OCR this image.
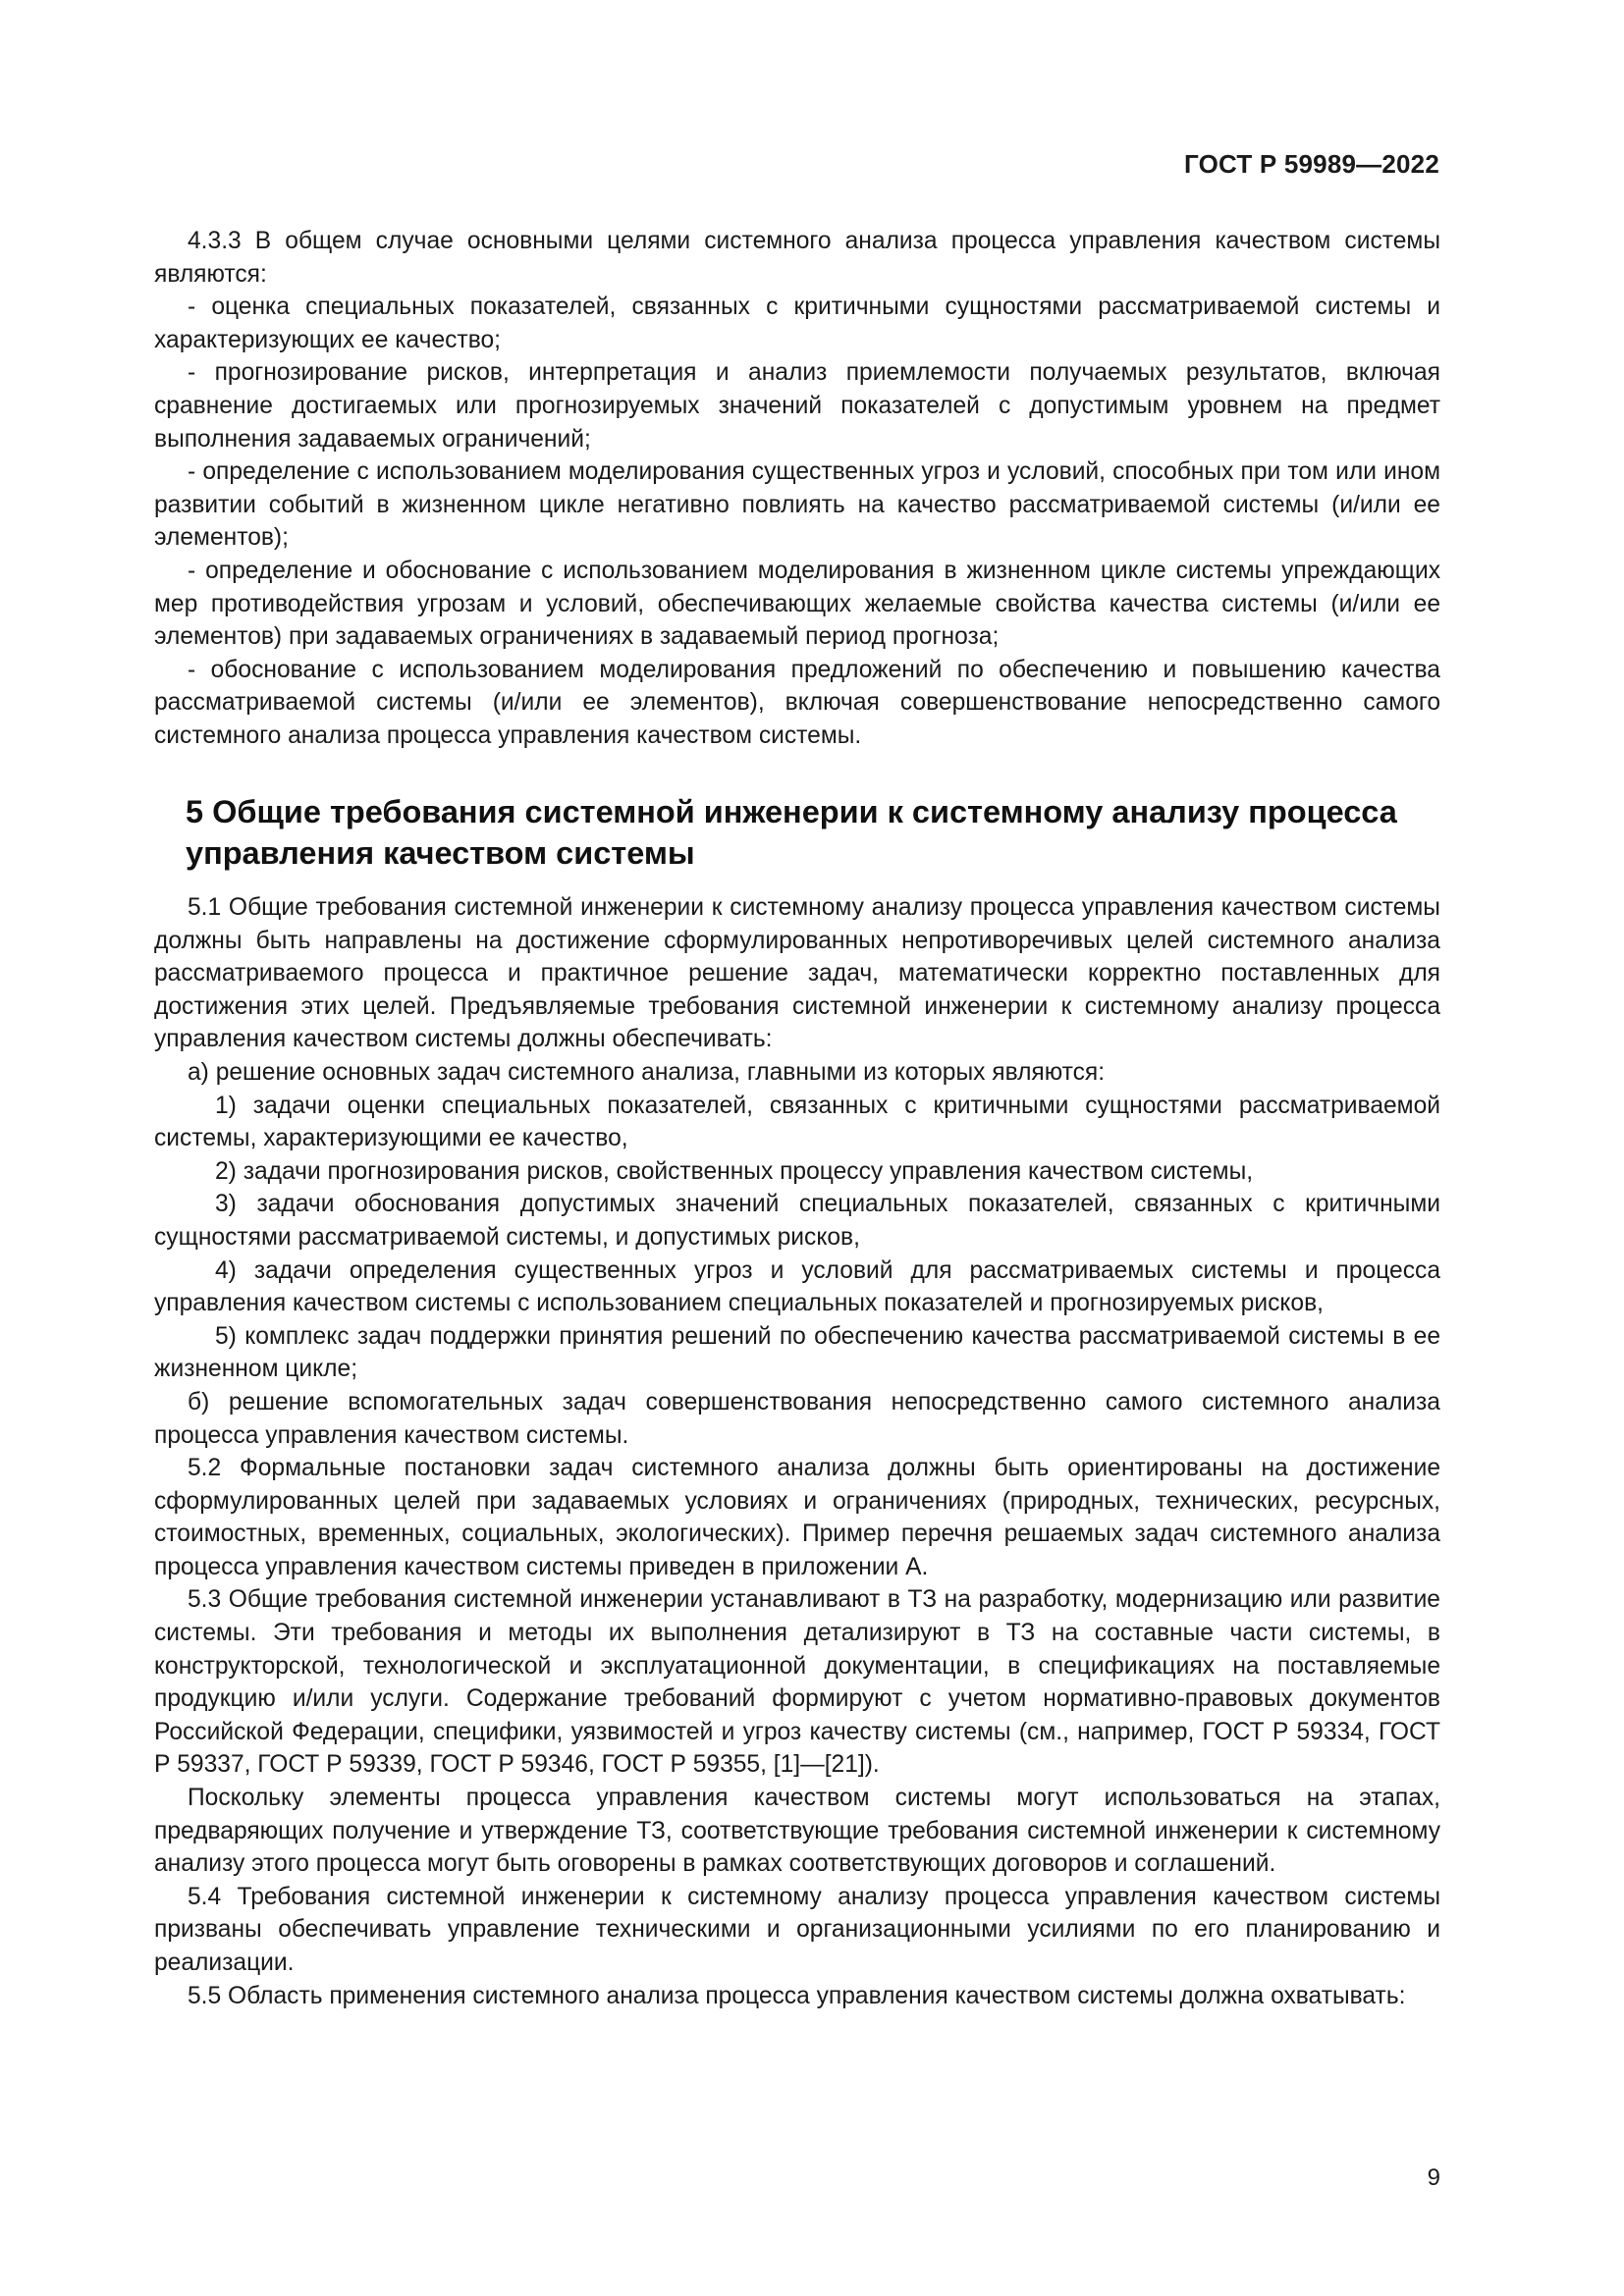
ГОСТ Р 59989—2022

4.3.3 В общем случае основными целями системного анализа процесса управления качеством системы являются:

- оценка специальных показателей, связанных с критичными сущностями рассматриваемой системы и характеризующих ее качество;

- прогнозирование рисков, интерпретация и анализ приемлемости получаемых результатов, включая сравнение достигаемых или прогнозируемых значений показателей с допустимым уровнем на предмет выполнения задаваемых ограничений;

- определение с использованием моделирования существенных угроз и условий, способных при том или ином развитии событий в жизненном цикле негативно повлиять на качество рассматриваемой системы (и/или ее элементов);

- определение и обоснование с использованием моделирования в жизненном цикле системы упреждающих мер противодействия угрозам и условий, обеспечивающих желаемые свойства качества системы (и/или ее элементов) при задаваемых ограничениях в задаваемый период прогноза;

- обоснование с использованием моделирования предложений по обеспечению и повышению качества рассматриваемой системы (и/или ее элементов), включая совершенствование непосредственно самого системного анализа процесса управления качеством системы.

5 Общие требования системной инженерии к системному анализу процесса управления качеством системы

5.1 Общие требования системной инженерии к системному анализу процесса управления качеством системы должны быть направлены на достижение сформулированных непротиворечивых целей системного анализа рассматриваемого процесса и практичное решение задач, математически корректно поставленных для достижения этих целей. Предъявляемые требования системной инженерии к системному анализу процесса управления качеством системы должны обеспечивать:

а) решение основных задач системного анализа, главными из которых являются:

1) задачи оценки специальных показателей, связанных с критичными сущностями рассматриваемой системы, характеризующими ее качество,

2) задачи прогнозирования рисков, свойственных процессу управления качеством системы,

3) задачи обоснования допустимых значений специальных показателей, связанных с критичными сущностями рассматриваемой системы, и допустимых рисков,

4) задачи определения существенных угроз и условий для рассматриваемых системы и процесса управления качеством системы с использованием специальных показателей и прогнозируемых рисков,

5) комплекс задач поддержки принятия решений по обеспечению качества рассматриваемой системы в ее жизненном цикле;

б) решение вспомогательных задач совершенствования непосредственно самого системного анализа процесса управления качеством системы.

5.2 Формальные постановки задач системного анализа должны быть ориентированы на достижение сформулированных целей при задаваемых условиях и ограничениях (природных, технических, ресурсных, стоимостных, временных, социальных, экологических). Пример перечня решаемых задач системного анализа процесса управления качеством системы приведен в приложении А.

5.3 Общие требования системной инженерии устанавливают в ТЗ на разработку, модернизацию или развитие системы. Эти требования и методы их выполнения детализируют в ТЗ на составные части системы, в конструкторской, технологической и эксплуатационной документации, в спецификациях на поставляемые продукцию и/или услуги. Содержание требований формируют с учетом нормативно-правовых документов Российской Федерации, специфики, уязвимостей и угроз качеству системы (см., например, ГОСТ Р 59334, ГОСТ Р 59337, ГОСТ Р 59339, ГОСТ Р 59346, ГОСТ Р 59355, [1]—[21]).

Поскольку элементы процесса управления качеством системы могут использоваться на этапах, предваряющих получение и утверждение ТЗ, соответствующие требования системной инженерии к системному анализу этого процесса могут быть оговорены в рамках соответствующих договоров и соглашений.

5.4 Требования системной инженерии к системному анализу процесса управления качеством системы призваны обеспечивать управление техническими и организационными усилиями по его планированию и реализации.

5.5 Область применения системного анализа процесса управления качеством системы должна охватывать:

9
